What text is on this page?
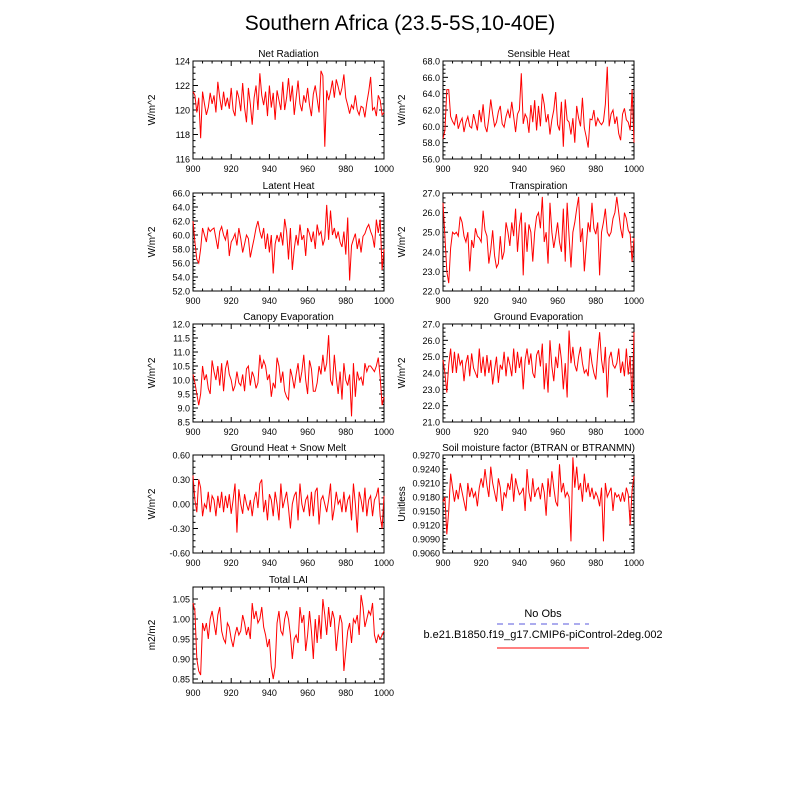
Southern Africa (23.5-5S,10-40E)
900	920	940	960	980 1000
116
118
120
122
124
Net Radiation
W/m^2
900	920	940	960	980 1000
56.0
58.0
60.0
62.0
64.0
66.0
68.0
Sensible Heat
W/m^2
900	920	940	960	980 1000
52.0
54.0
56.0
58.0
60.0
62.0
64.0
66.0
Latent Heat
W/m^2
900	920	940	960	980 1000
22.0
23.0
24.0
25.0
26.0
27.0
Transpiration
W/m^2
900	920	940	960	980 1000
8.5
9.0
9.5
10.0
10.5
11.0
11.5
12.0
Canopy Evaporation
W/m^2
900	920	940	960	980 1000
21.0
22.0
23.0
24.0
25.0
26.0
27.0
Ground Evaporation
W/m^2
900	920	940	960	980 1000
-0.60
-0.30
0.00
0.30
0.60
Ground Heat + Snow Melt
W/m^2
900	920	940	960	980 1000
0.9060
0.9090
0.9120
0.9150
0.9180
0.9210
0.9240
0.9270
Soil moisture factor (BTRAN or BTRANMN)
Unitless
900	920	940	960	980 1000
0.85
0.90
0.95
1.00
1.05
Total LAI
m2/m2
No Obs
b.e21.B1850.f19_g17.CMIP6-piControl-2deg.002
